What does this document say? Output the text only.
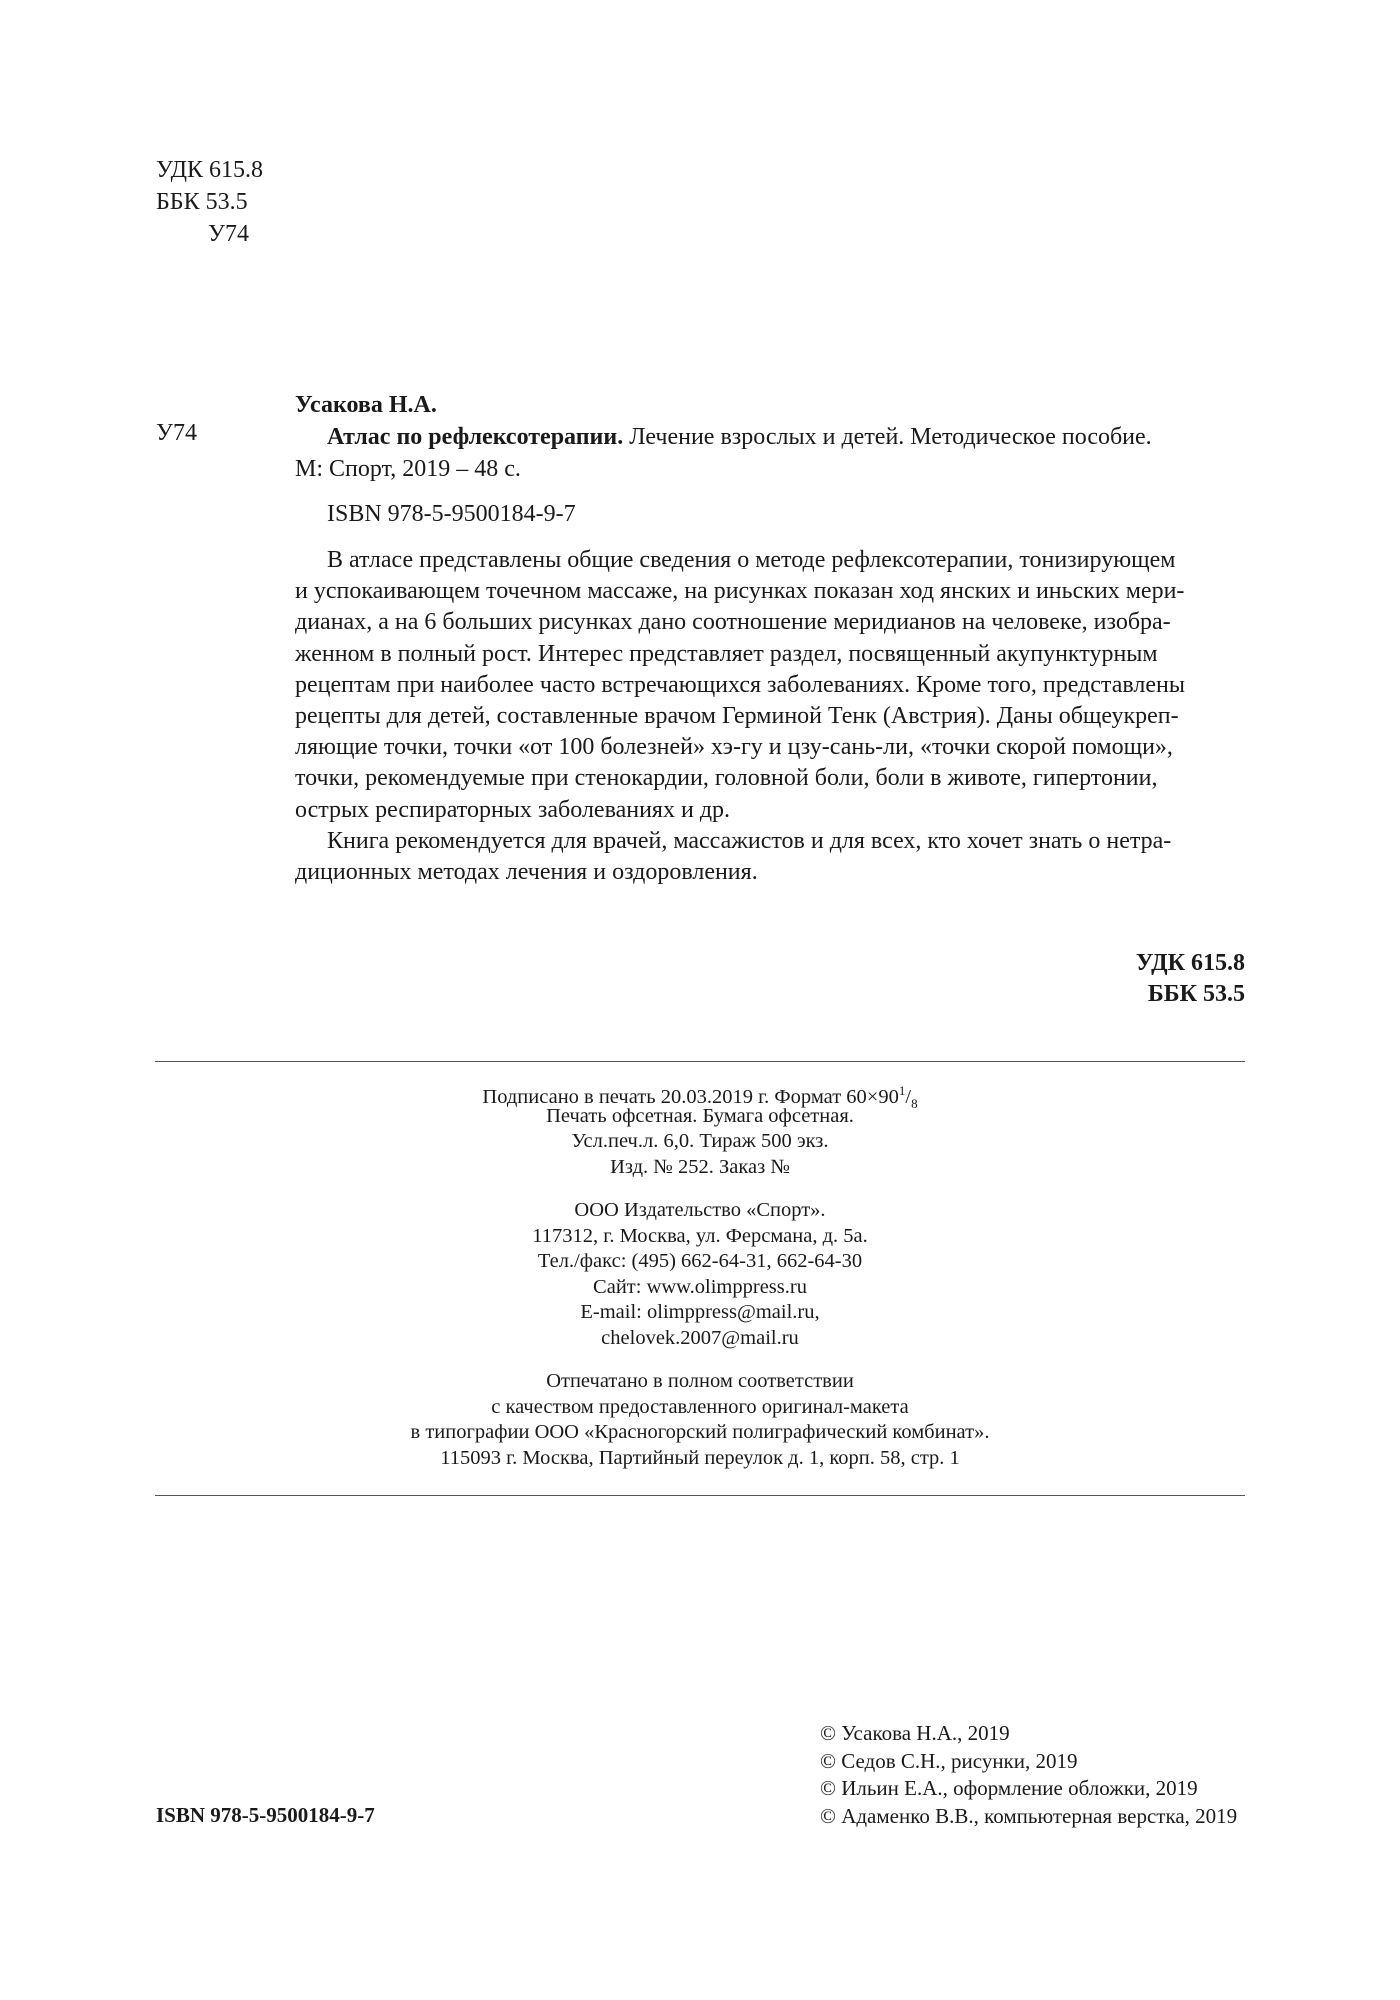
УДК 615.8
ББК 53.5
У74
У74
Усакова Н.А.
Атлас по рефлексотерапии. Лечение взрослых и детей. Методическое пособие.
М: Спорт, 2019 – 48 с.
ISBN 978-5-9500184-9-7
В атласе представлены общие сведения о методе рефлексотерапии, тонизирующем
и успокаивающем точечном массаже, на рисунках показан ход янских и иньских мери-
дианах, а на 6 больших рисунках дано соотношение меридианов на человеке, изобра-
женном в полный рост. Интерес представляет раздел, посвященный акупунктурным
рецептам при наиболее часто встречающихся заболеваниях. Кроме того, представлены
рецепты для детей, составленные врачом Герминой Тенк (Австрия). Даны общеукреп-
ляющие точки, точки «от 100 болезней» хэ-гу и цзу-сань-ли, «точки скорой помощи»,
точки, рекомендуемые при стенокардии, головной боли, боли в животе, гипертонии,
острых респираторных заболеваниях и др.
Книга рекомендуется для врачей, массажистов и для всех, кто хочет знать о нетра-
диционных методах лечения и оздоровления.
УДК 615.8
ББК 53.5
Подписано в печать 20.03.2019 г. Формат $60\times 90^1/_8$
Печать офсетная. Бумага офсетная.
Усл.печ.л. 6,0. Тираж 500 экз.
Изд. № 252. Заказ №
ООО Издательство «Спорт».
117312, г. Москва, ул. Ферсмана, д. 5а.
Тел./факс: (495) 662-64-31, 662-64-30
Сайт: www.olimppress.ru
E-mail: olimppress@mail.ru,
chelovek.2007@mail.ru
Отпечатано в полном соответствии
с качеством предоставленного оригинал-макета
в типографии ООО «Красногорский полиграфический комбинат».
115093 г. Москва, Партийный переулок д. 1, корп. 58, стр. 1
ISBN 978-5-9500184-9-7
© Усакова Н.А., 2019
© Седов С.Н., рисунки, 2019
© Ильин Е.А., оформление обложки, 2019
© Адаменко В.В., компьютерная верстка, 2019
